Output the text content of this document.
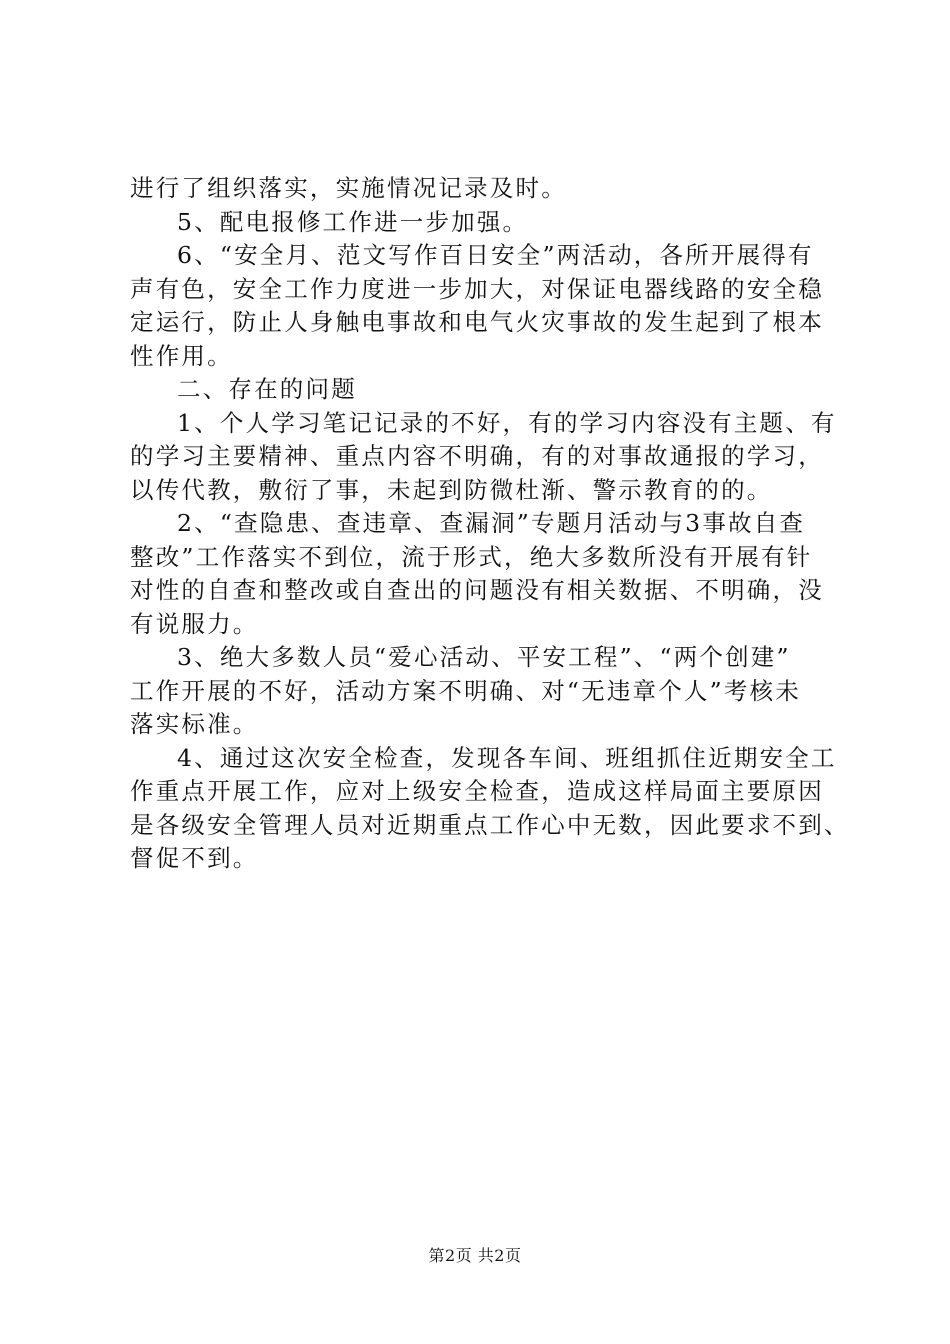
进行了组织落实，实施情况记录及时。
5、配电报修工作进一步加强。
6、“安全月、范文写作百日安全”两活动，各所开展得有
声有色，安全工作力度进一步加大，对保证电器线路的安全稳
定运行，防止人身触电事故和电气火灾事故的发生起到了根本
性作用。
二、存在的问题
1、个人学习笔记记录的不好，有的学习内容没有主题、有
的学习主要精神、重点内容不明确，有的对事故通报的学习，
以传代教，敷衍了事，未起到防微杜渐、警示教育的的。
2、“查隐患、查违章、查漏洞”专题月活动与3事故自查
整改”工作落实不到位，流于形式，绝大多数所没有开展有针
对性的自查和整改或自查出的问题没有相关数据、不明确，没
有说服力。
3、绝大多数人员“爱心活动、平安工程”、“两个创建”
工作开展的不好，活动方案不明确、对“无违章个人”考核未
落实标准。
4、通过这次安全检查，发现各车间、班组抓住近期安全工
作重点开展工作，应对上级安全检查，造成这样局面主要原因
是各级安全管理人员对近期重点工作心中无数，因此要求不到、
督促不到。
第2页 共2页
